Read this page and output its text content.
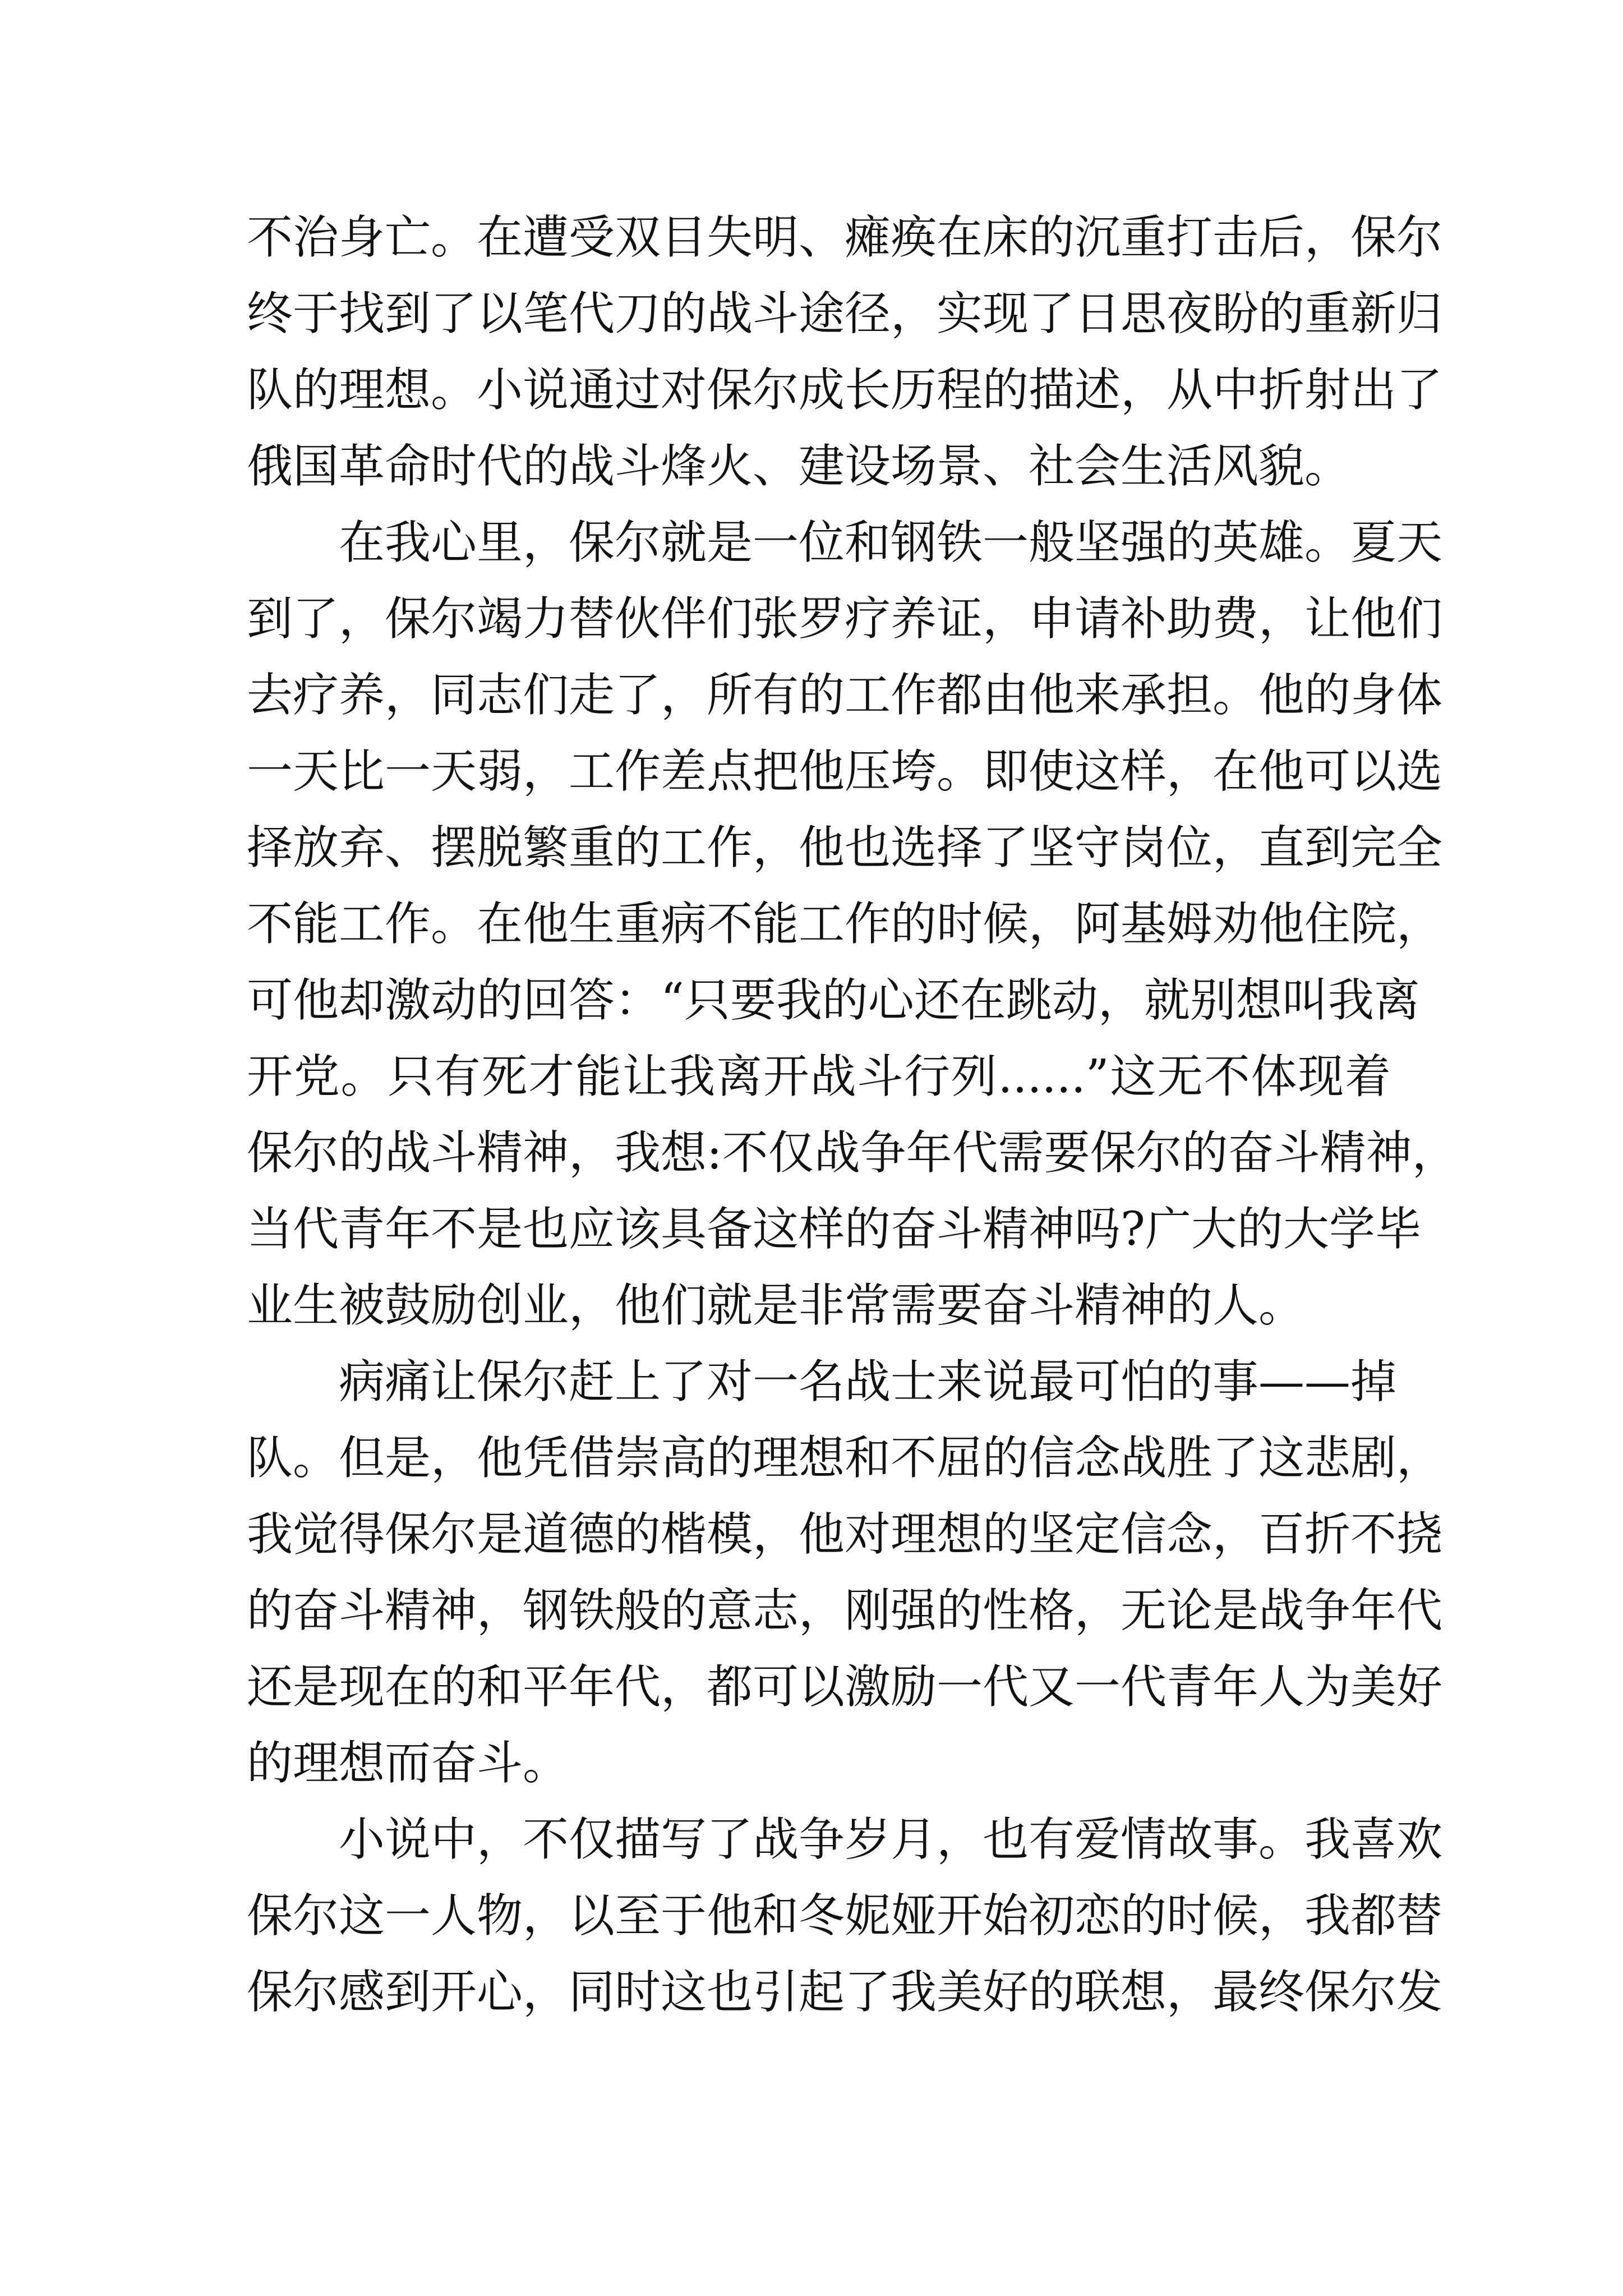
不治身亡。在遭受双目失明、瘫痪在床的沉重打击后，保尔
终于找到了以笔代刀的战斗途径，实现了日思夜盼的重新归
队的理想。小说通过对保尔成长历程的描述，从中折射出了
俄国革命时代的战斗烽火、建设场景、社会生活风貌。
在我心里，保尔就是一位和钢铁一般坚强的英雄。夏天
到了，保尔竭力替伙伴们张罗疗养证，申请补助费，让他们
去疗养，同志们走了，所有的工作都由他来承担。他的身体
一天比一天弱，工作差点把他压垮。即使这样，在他可以选
择放弃、摆脱繁重的工作，他也选择了坚守岗位，直到完全
不能工作。在他生重病不能工作的时候，阿基姆劝他住院，
可他却激动的回答：“只要我的心还在跳动，就别想叫我离
开党。只有死才能让我离开战斗行列......”这无不体现着
保尔的战斗精神，我想:不仅战争年代需要保尔的奋斗精神，
当代青年不是也应该具备这样的奋斗精神吗?广大的大学毕
业生被鼓励创业，他们就是非常需要奋斗精神的人。
病痛让保尔赶上了对一名战士来说最可怕的事——掉
队。但是，他凭借崇高的理想和不屈的信念战胜了这悲剧，
我觉得保尔是道德的楷模，他对理想的坚定信念，百折不挠
的奋斗精神，钢铁般的意志，刚强的性格，无论是战争年代
还是现在的和平年代，都可以激励一代又一代青年人为美好
的理想而奋斗。
小说中，不仅描写了战争岁月，也有爱情故事。我喜欢
保尔这一人物，以至于他和冬妮娅开始初恋的时候，我都替
保尔感到开心，同时这也引起了我美好的联想，最终保尔发
